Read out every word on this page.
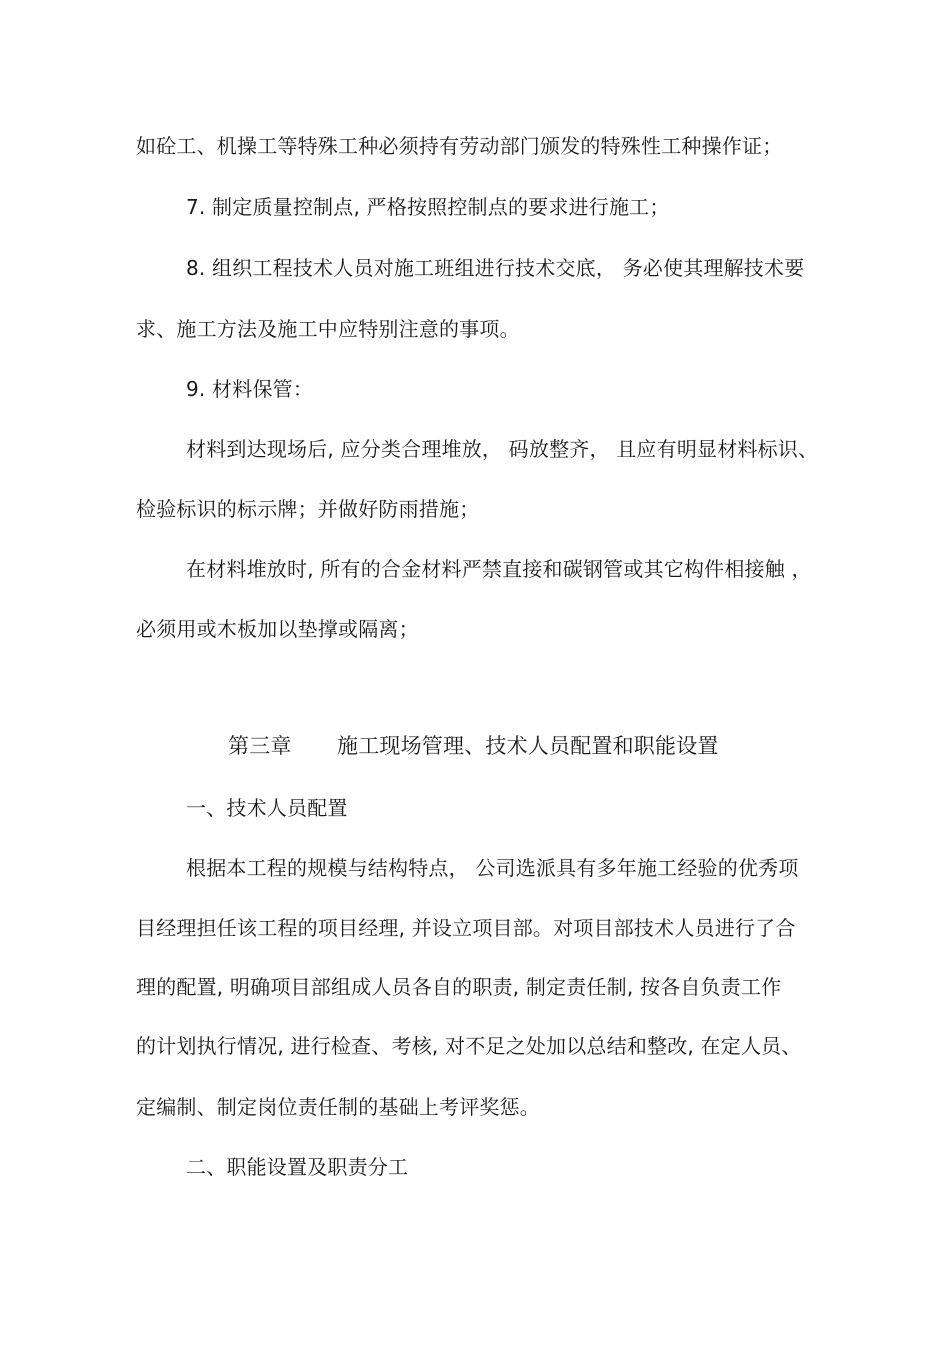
如砼工、机操工等特殊工种必须持有劳动部门颁发的特殊性工种操作证；
7. 制定质量控制点, 严格按照控制点的要求进行施工；
8. 组织工程技术人员对施工班组进行技术交底， 务必使其理解技术要
求、施工方法及施工中应特别注意的事项。
9. 材料保管：
材料到达现场后, 应分类合理堆放， 码放整齐， 且应有明显材料标识、
检验标识的标示牌；并做好防雨措施；
在材料堆放时, 所有的合金材料严禁直接和碳钢管或其它构件相接触 ，
必须用或木板加以垫撑或隔离；
第三章 施工现场管理、技术人员配置和职能设置
一、技术人员配置
根据本工程的规模与结构特点， 公司选派具有多年施工经验的优秀项
目经理担任该工程的项目经理, 并设立项目部。对项目部技术人员进行了合
理的配置, 明确项目部组成人员各自的职责, 制定责任制, 按各自负责工作
的计划执行情况, 进行检查、考核, 对不足之处加以总结和整改, 在定人员、
定编制、制定岗位责任制的基础上考评奖惩。
二、职能设置及职责分工
